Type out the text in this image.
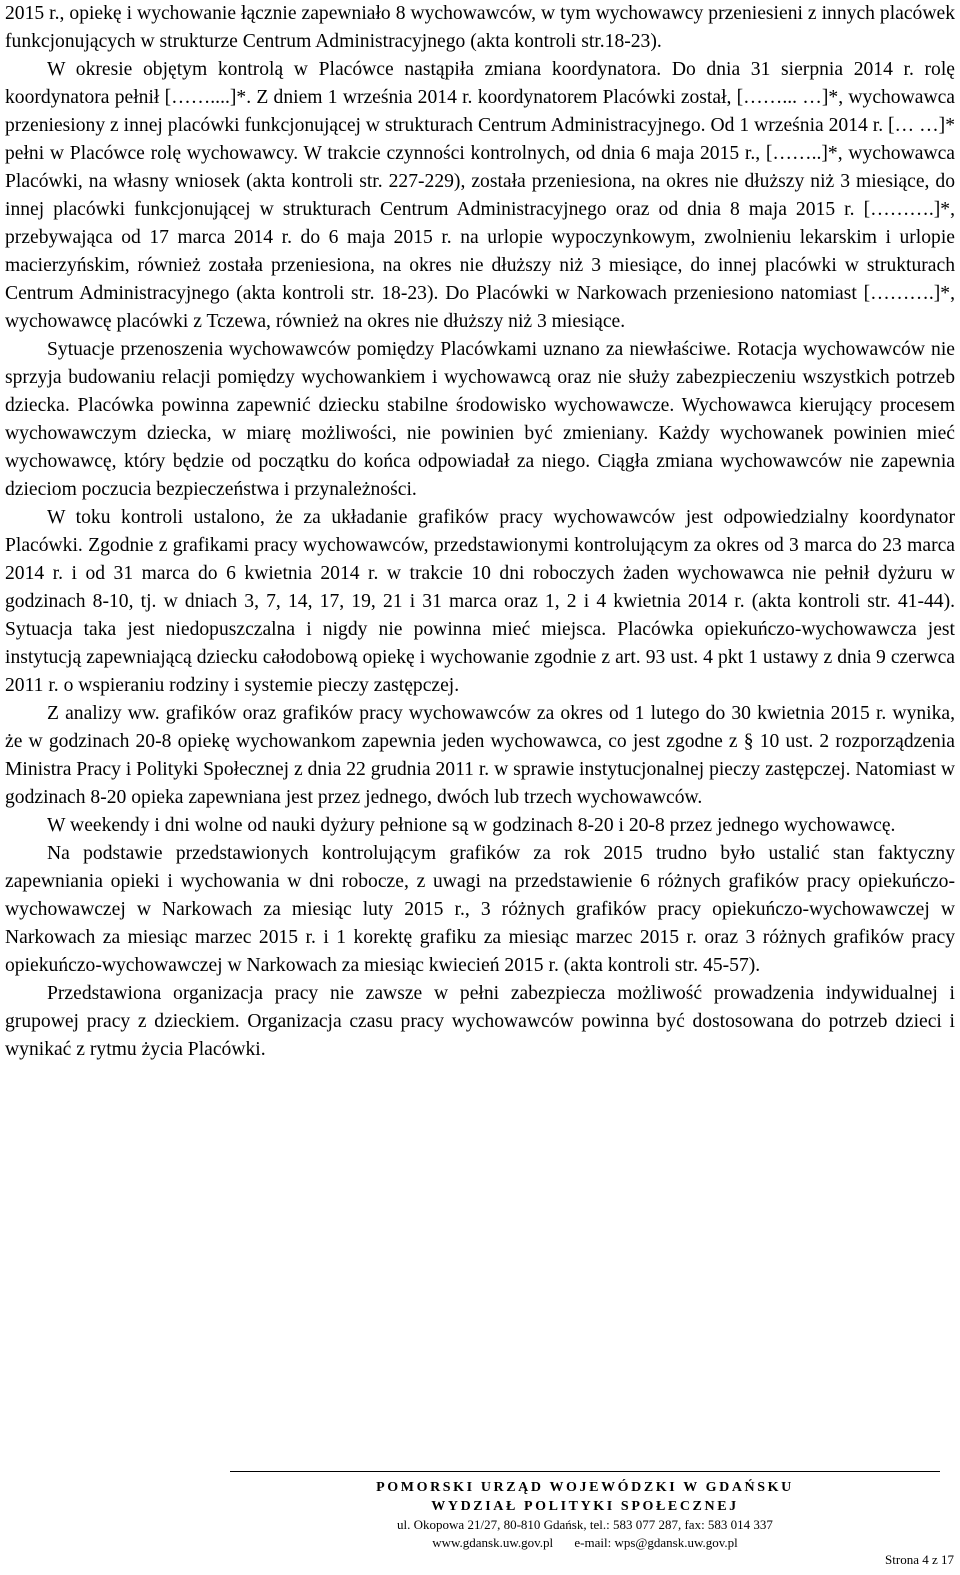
2015 r., opiekę i wychowanie łącznie zapewniało 8 wychowawców, w tym wychowawcy przeniesieni z innych placówek funkcjonujących w strukturze Centrum Administracyjnego (akta kontroli str.18-23).

W okresie objętym kontrolą w Placówce nastąpiła zmiana koordynatora. Do dnia 31 sierpnia 2014 r. rolę koordynatora pełnił [……....]*. Z dniem 1 września 2014 r. koordynatorem Placówki został, [……... …]*, wychowawca przeniesiony z innej placówki funkcjonującej w strukturach Centrum Administracyjnego. Od 1 września 2014 r. [… …]* pełni w Placówce rolę wychowawcy. W trakcie czynności kontrolnych, od dnia 6 maja 2015 r., [……..]*, wychowawca Placówki, na własny wniosek (akta kontroli str. 227-229), została przeniesiona, na okres nie dłuższy niż 3 miesiące, do innej placówki funkcjonującej w strukturach Centrum Administracyjnego oraz od dnia 8 maja 2015 r. [……….]*, przebywająca od 17 marca 2014 r. do 6 maja 2015 r. na urlopie wypoczynkowym, zwolnieniu lekarskim i urlopie macierzyńskim, również została przeniesiona, na okres nie dłuższy niż 3 miesiące, do innej placówki w strukturach Centrum Administracyjnego (akta kontroli str. 18-23). Do Placówki w Narkowach przeniesiono natomiast [……….]*, wychowawcę placówki z Tczewa, również na okres nie dłuższy niż 3 miesiące.

Sytuacje przenoszenia wychowawców pomiędzy Placówkami uznano za niewłaściwe. Rotacja wychowawców nie sprzyja budowaniu relacji pomiędzy wychowankiem i wychowawcą oraz nie służy zabezpieczeniu wszystkich potrzeb dziecka. Placówka powinna zapewnić dziecku stabilne środowisko wychowawcze. Wychowawca kierujący procesem wychowawczym dziecka, w miarę możliwości, nie powinien być zmieniany. Każdy wychowanek powinien mieć wychowawcę, który będzie od początku do końca odpowiadał za niego. Ciągła zmiana wychowawców nie zapewnia dzieciom poczucia bezpieczeństwa i przynależności.

W toku kontroli ustalono, że za układanie grafików pracy wychowawców jest odpowiedzialny koordynator Placówki. Zgodnie z grafikami pracy wychowawców, przedstawionymi kontrolującym za okres od 3 marca do 23 marca 2014 r. i od 31 marca do 6 kwietnia 2014 r. w trakcie 10 dni roboczych żaden wychowawca nie pełnił dyżuru w godzinach 8-10, tj. w dniach 3, 7, 14, 17, 19, 21 i 31 marca oraz 1, 2 i 4 kwietnia 2014 r. (akta kontroli str. 41-44). Sytuacja taka jest niedopuszczalna i nigdy nie powinna mieć miejsca. Placówka opiekuńczo-wychowawcza jest instytucją zapewniającą dziecku całodobową opiekę i wychowanie zgodnie z art. 93 ust. 4 pkt 1 ustawy z dnia 9 czerwca 2011 r. o wspieraniu rodziny i systemie pieczy zastępczej.

Z analizy ww. grafików oraz grafików pracy wychowawców za okres od 1 lutego do 30 kwietnia 2015 r. wynika, że w godzinach 20-8 opiekę wychowankom zapewnia jeden wychowawca, co jest zgodne z § 10 ust. 2 rozporządzenia Ministra Pracy i Polityki Społecznej z dnia 22 grudnia 2011 r. w sprawie instytucjonalnej pieczy zastępczej. Natomiast w godzinach 8-20 opieka zapewniana jest przez jednego, dwóch lub trzech wychowawców.

W weekendy i dni wolne od nauki dyżury pełnione są w godzinach 8-20 i 20-8 przez jednego wychowawcę.

Na podstawie przedstawionych kontrolującym grafików za rok 2015 trudno było ustalić stan faktyczny zapewniania opieki i wychowania w dni robocze, z uwagi na przedstawienie 6 różnych grafików pracy opiekuńczo-wychowawczej w Narkowach za miesiąc luty 2015 r., 3 różnych grafików pracy opiekuńczo-wychowawczej w Narkowach za miesiąc marzec 2015 r. i 1 korektę grafiku za miesiąc marzec 2015 r. oraz 3 różnych grafików pracy opiekuńczo-wychowawczej w Narkowach za miesiąc kwiecień 2015 r. (akta kontroli str. 45-57).

Przedstawiona organizacja pracy nie zawsze w pełni zabezpiecza możliwość prowadzenia indywidualnej i grupowej pracy z dzieckiem. Organizacja czasu pracy wychowawców powinna być dostosowana do potrzeb dzieci i wynikać z rytmu życia Placówki.

POMORSKI URZĄD WOJEWÓDZKI W GDAŃSKU
WYDZIAŁ POLITYKI SPOŁECZNEJ
ul. Okopowa 21/27, 80-810 Gdańsk, tel.: 583 077 287, fax: 583 014 337
www.gdansk.uw.gov.pl e-mail: wps@gdansk.uw.gov.pl
Strona 4 z 17
